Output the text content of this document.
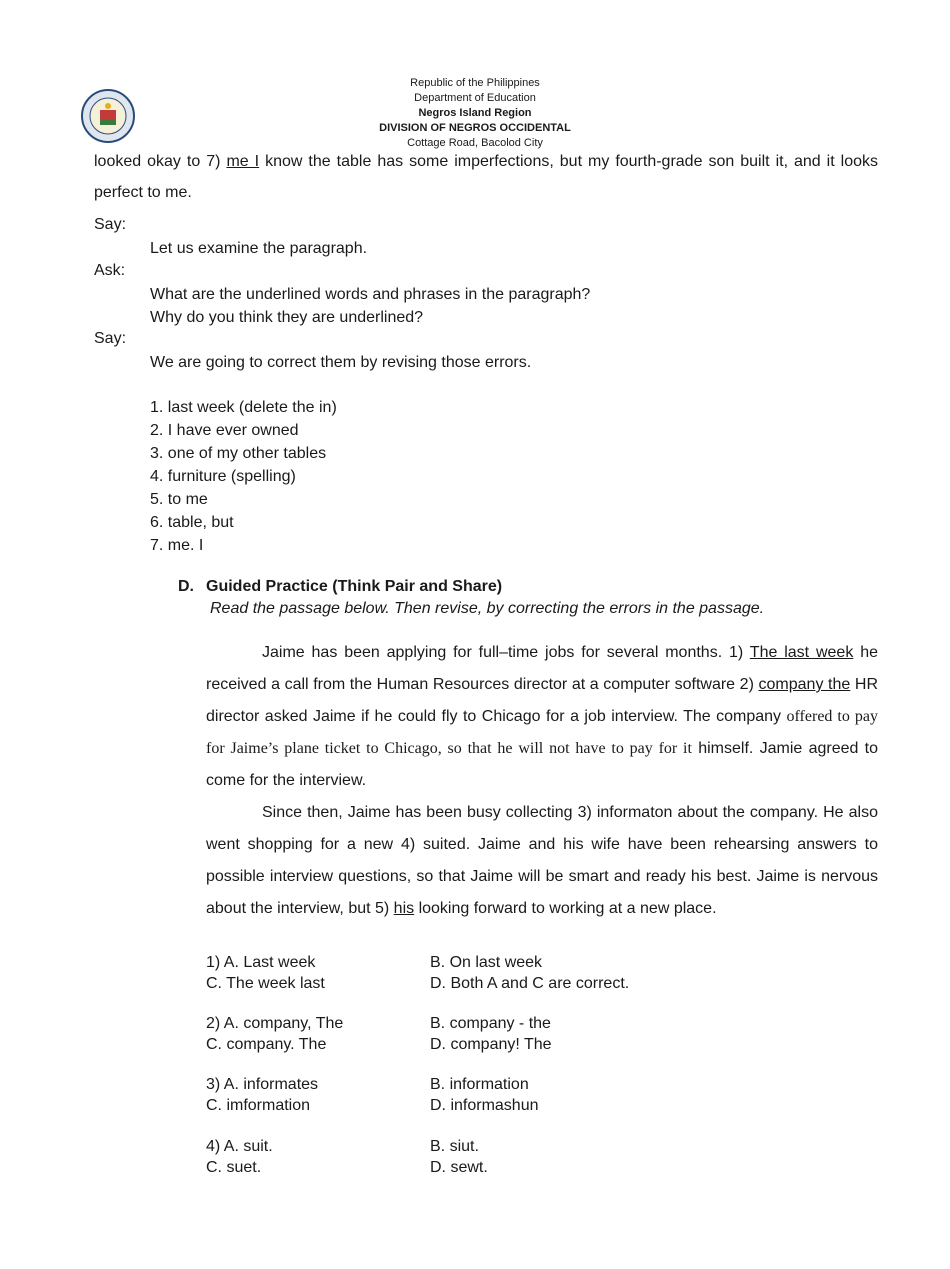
Republic of the Philippines
Department of Education
Negros Island Region
DIVISION OF NEGROS OCCIDENTAL
Cottage Road, Bacolod City
looked okay to 7) me I know the table has some imperfections, but my fourth-grade son built it, and it looks perfect to me.
Say:
Let us examine the paragraph.
Ask:
What are the underlined words and phrases in the paragraph?
Why do you think they are underlined?
Say:
We are going to correct them by revising those errors.
1. last week (delete the in)
2. I have ever owned
3. one of my other tables
4. furniture (spelling)
5. to me
6. table, but
7. me. I
D. Guided Practice (Think Pair and Share)
Read the passage below. Then revise, by correcting the errors in the passage.

Jaime has been applying for full–time jobs for several months. 1) The last week he received a call from the Human Resources director at a computer software 2) company the HR director asked Jaime if he could fly to Chicago for a job interview. The company offered to pay for Jaime’s plane ticket to Chicago, so that he will not have to pay for it himself. Jamie agreed to come for the interview.

Since then, Jaime has been busy collecting 3) informaton about the company. He also went shopping for a new 4) suited. Jaime and his wife have been rehearsing answers to possible interview questions, so that Jaime will be smart and ready his best. Jaime is nervous about the interview, but 5) his looking forward to working at a new place.

1) A. Last week	B. On last week
C. The week last	D. Both A and C are correct.
2) A. company, The	B. company - the
C. company. The	D. company! The
3) A. informates	B. information
C. imformation	D. informashun
4) A. suit.	B. siut.
C. suet.	D. sewt.
